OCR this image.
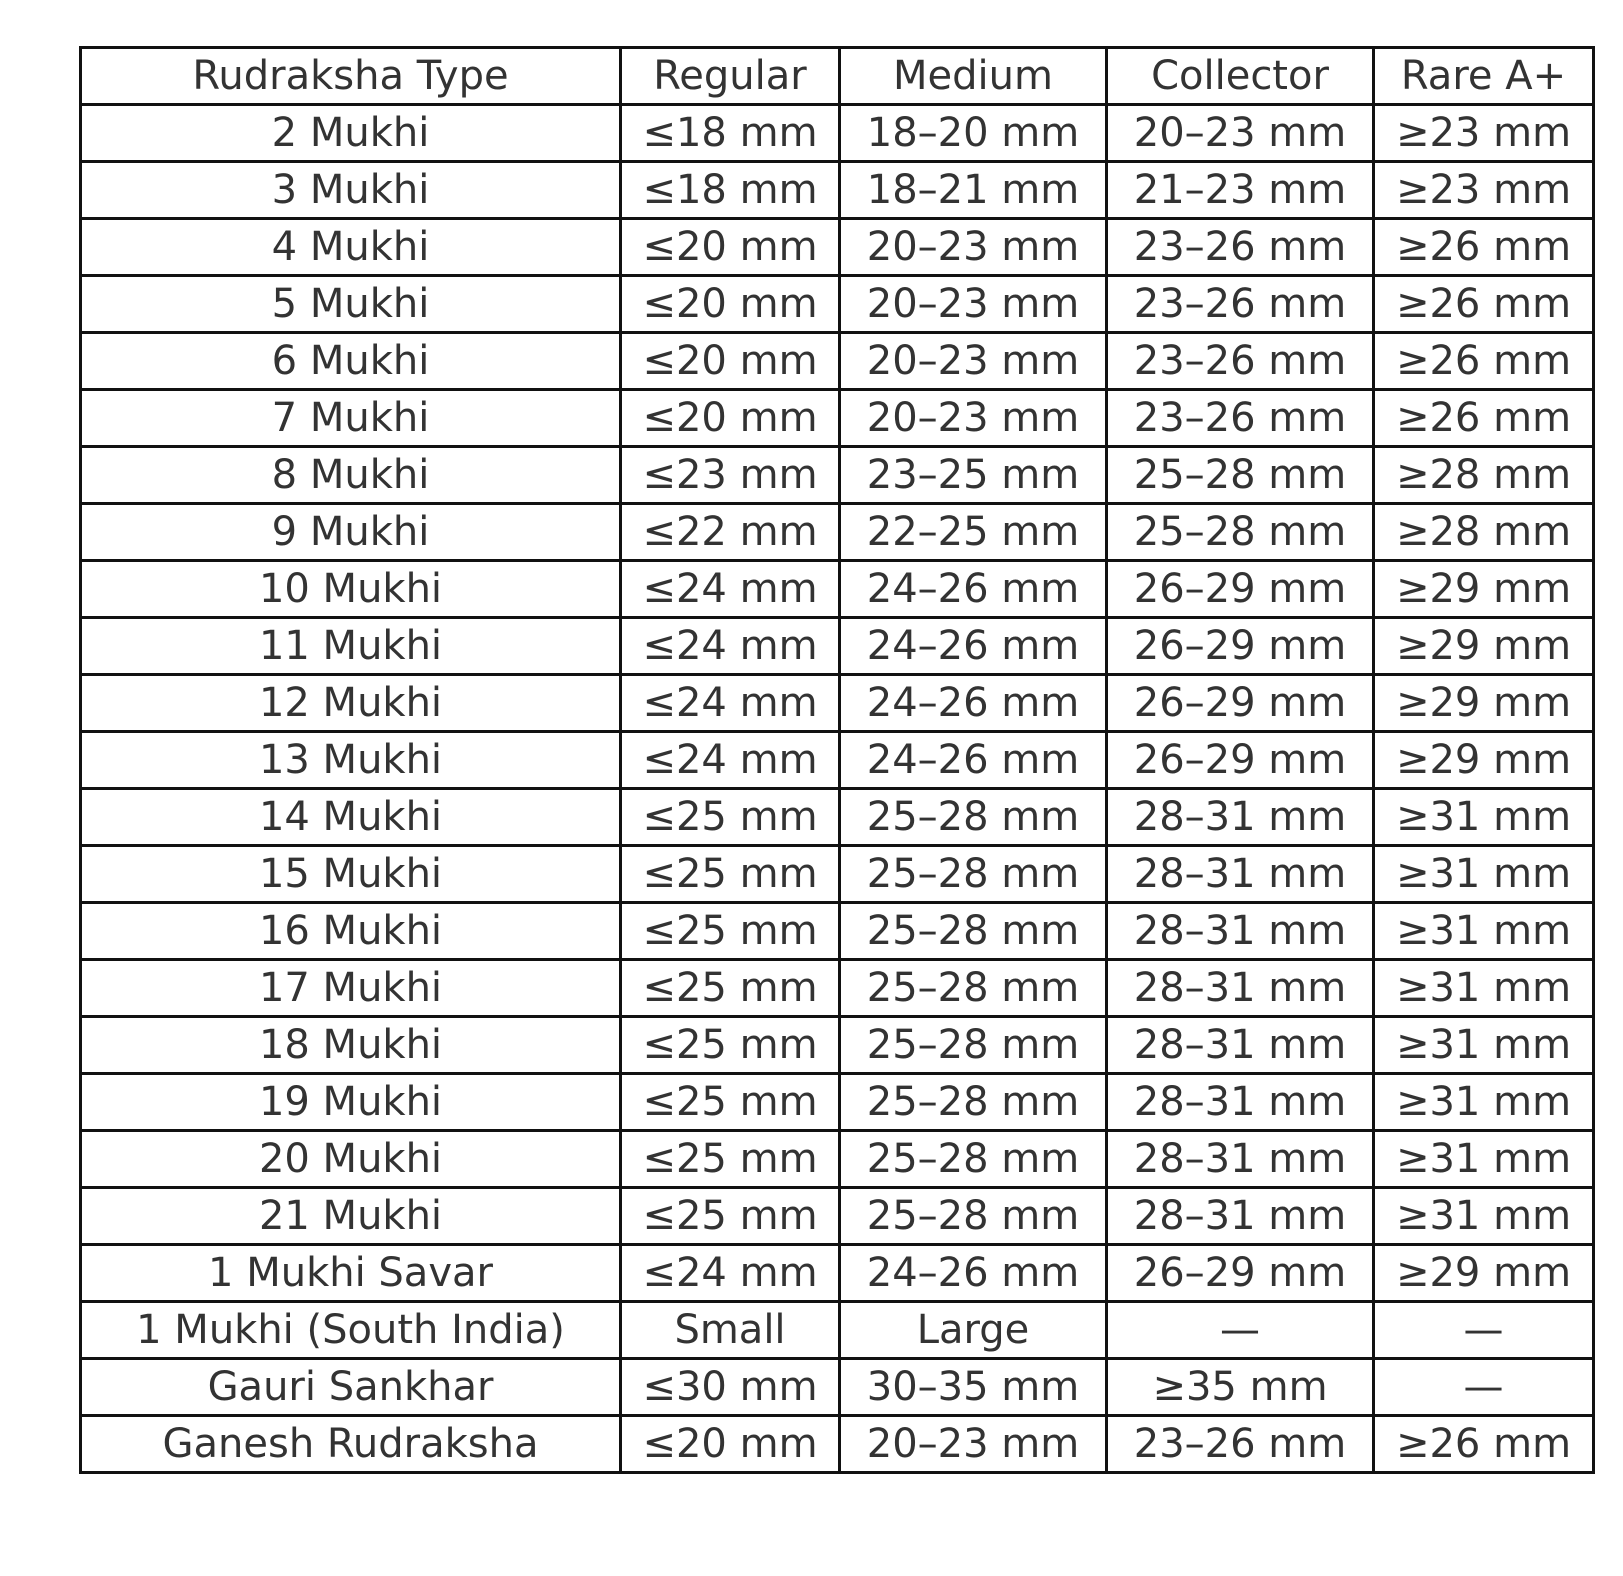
Rudraksha Type	Regular	Medium	Collector	Rare A+
2 Mukhi	≤18 mm	18–20 mm	20–23 mm	≥23 mm
3 Mukhi	≤18 mm	18–21 mm	21–23 mm	≥23 mm
4 Mukhi	≤20 mm	20–23 mm	23–26 mm	≥26 mm
5 Mukhi	≤20 mm	20–23 mm	23–26 mm	≥26 mm
6 Mukhi	≤20 mm	20–23 mm	23–26 mm	≥26 mm
7 Mukhi	≤20 mm	20–23 mm	23–26 mm	≥26 mm
8 Mukhi	≤23 mm	23–25 mm	25–28 mm	≥28 mm
9 Mukhi	≤22 mm	22–25 mm	25–28 mm	≥28 mm
10 Mukhi	≤24 mm	24–26 mm	26–29 mm	≥29 mm
11 Mukhi	≤24 mm	24–26 mm	26–29 mm	≥29 mm
12 Mukhi	≤24 mm	24–26 mm	26–29 mm	≥29 mm
13 Mukhi	≤24 mm	24–26 mm	26–29 mm	≥29 mm
14 Mukhi	≤25 mm	25–28 mm	28–31 mm	≥31 mm
15 Mukhi	≤25 mm	25–28 mm	28–31 mm	≥31 mm
16 Mukhi	≤25 mm	25–28 mm	28–31 mm	≥31 mm
17 Mukhi	≤25 mm	25–28 mm	28–31 mm	≥31 mm
18 Mukhi	≤25 mm	25–28 mm	28–31 mm	≥31 mm
19 Mukhi	≤25 mm	25–28 mm	28–31 mm	≥31 mm
20 Mukhi	≤25 mm	25–28 mm	28–31 mm	≥31 mm
21 Mukhi	≤25 mm	25–28 mm	28–31 mm	≥31 mm
1 Mukhi Savar	≤24 mm	24–26 mm	26–29 mm	≥29 mm
1 Mukhi (South India)	Small	Large	—	—
Gauri Sankhar	≤30 mm	30–35 mm	≥35 mm	—
Ganesh Rudraksha	≤20 mm	20–23 mm	23–26 mm	≥26 mm
